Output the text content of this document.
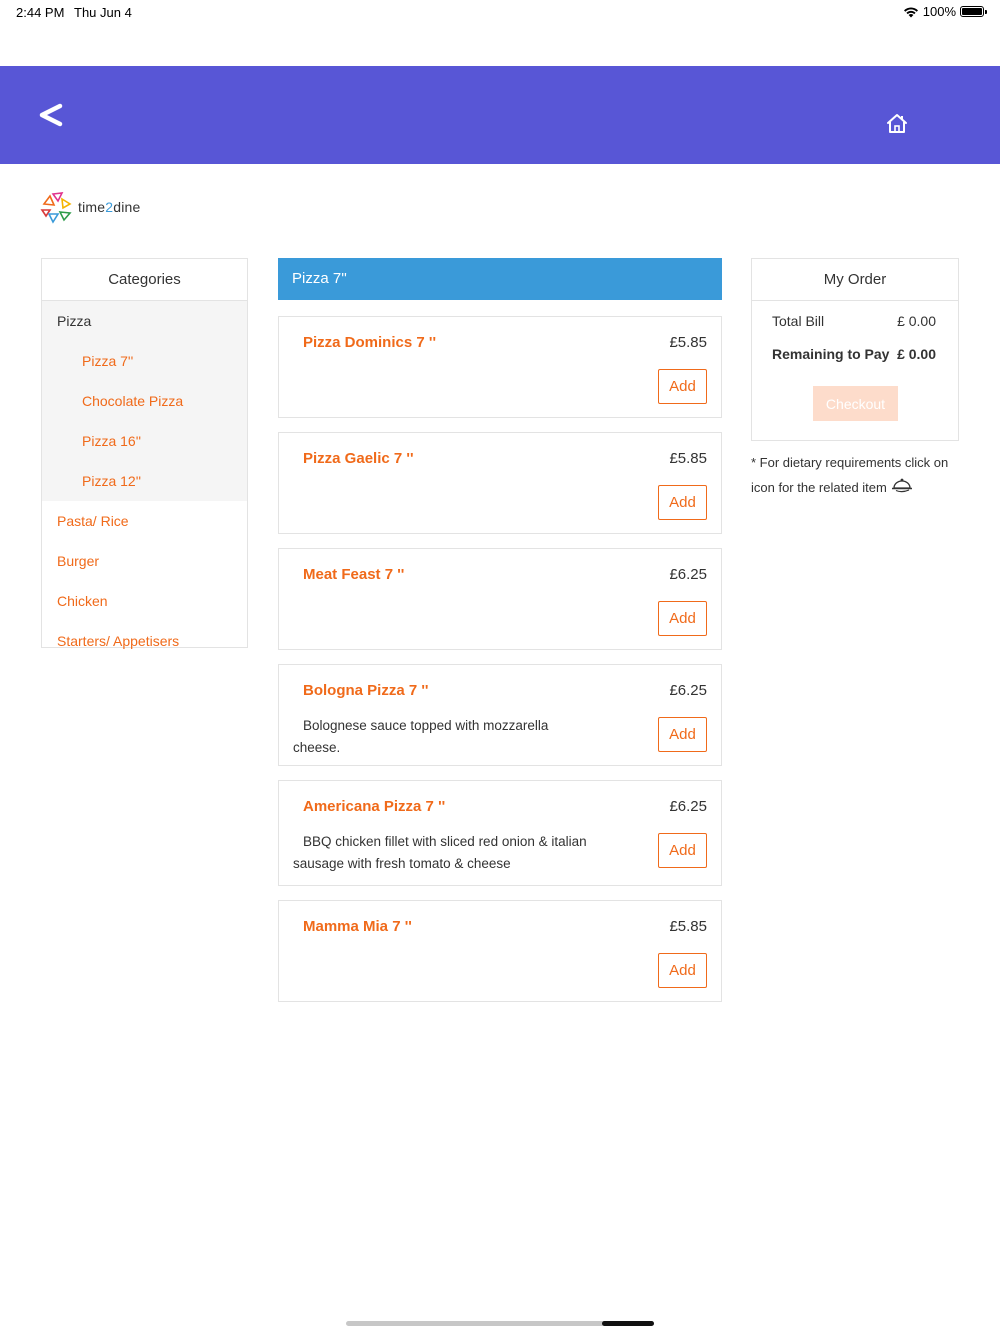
2:44 PM Thu Jun 4	100%
time2dine
Categories
Pizza
Pizza 7''
Chocolate Pizza
Pizza 16''
Pizza 12''
Pasta/ Rice
Burger
Chicken
Starters/ Appetisers
Pizza 7''
Pizza Dominics 7 ''	£5.85
Add
Pizza Gaelic 7 ''	£5.85
Add
Meat Feast 7 ''	£6.25
Add
Bologna Pizza 7 ''	£6.25
Bolognese sauce topped with mozzarella cheese.
Add
Americana Pizza 7 ''	£6.25
BBQ chicken fillet with sliced red onion & italian sausage with fresh tomato & cheese
Add
Mamma Mia 7 ''	£5.85
Add
My Order
Total Bill	£ 0.00
Remaining to Pay £ 0.00
Checkout
* For dietary requirements click on icon for the related item
